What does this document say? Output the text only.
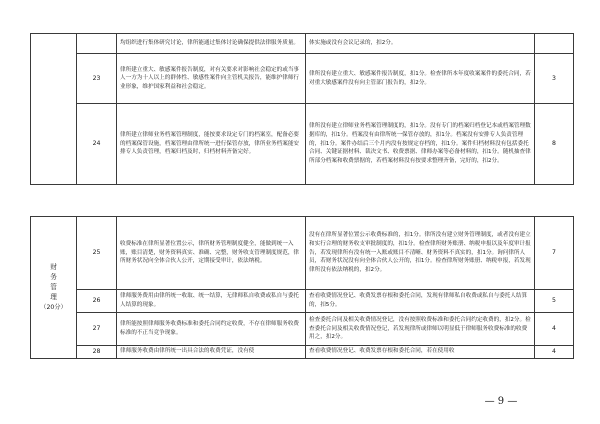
		均组织进行集体研究讨论，律所能通过集体讨论确保提供法律服务质量。	体实施或没有会议记录的，扣2分。	
	23	律所建立重大、敏感案件报告制度，对有关要求对影响社会稳定的或当事人一方为十人以上的群体性、敏感性案件向主管机关报告，能维护律师行业形象，维护国家利益和社会稳定。	律所没有建立重大、敏感案件报告制度，扣1分。检查律所本年度收案案件的委托合同，若对重大敏感案件没有向主管部门报告的，扣2分。	3
	24	律所建立律师业务档案管理制度，能按要求设定专门的档案室，配备必要的档案保管设施，档案管理由律所统一进行保管存放，律所业务档案能安排专人负责管理，档案归档及时，归档材料齐备完好。	律所没有建立律师业务档案管理制度的，扣1分。没有专门的档案归档登记本或档案管理数据库的，扣1分。档案没有由律所统一保管存放的，扣1分。档案没有安排专人负责管理的，扣1分。案件办结后三个月内没有按规定存档的，扣1分。案件归档材料没有包括委托合同、关键证据材料、裁决文书、收费票据、律师办案等必备材料的，扣1分。随机抽查律所部分档案和收费票据的，若档案材料没有按要求整理齐备，完好的，扣2分。	8
财
务
管
理
（20分）	25	收费标准在律所显著位置公示，律所财务管理制度健全，能做到统一入账，账目清楚，财务资料真实、准确、完整，财务收支管理制度规范，律所财务状况向全体合伙人公开，定期接受审计，依法纳税。	没有在律所显著位置公示收费标准的，扣1分。律所没有建立财务管理制度，或者没有建立和实行合理的财务收支审批制度的，扣1分。检查律所财务账册、纳税申报以及年度审计报告，若发现律所有没有统一入账或账目不清晰、财务资料不真实的，扣1分。询问律所人员，若财务状况没有向全体合伙人公开的，扣1分。检查律所财务账册、纳税申报，若发现律所没有依法纳税的，扣2分。	7
	26	律师服务费用由律所统一收取、统一结算，无律师私自收费或私自与委托人结算的现象。	查看收费情况登记、收费发票存根和委托合同，发现有律师私自收费或私自与委托人结算的，扣5分。	5
	27	律所能按照律师服务收费标准和委托合同约定收费，不存在律师服务收费标准的不正当竞争现象。	检查委托合同及相关收费情况登记，没有按照收费标准和委托合同约定收费的，扣2分。检查委托合同及相关收费情况登记，若发现律所或律师以明显低于律师服务收费标准的收费用之，扣2分。	4
	28	律师服务收费由律所统一出具合法的收费凭证，没有使	查看收费情况登记、收费发票存根和委托合同，若在使用收	4
— 9 —
